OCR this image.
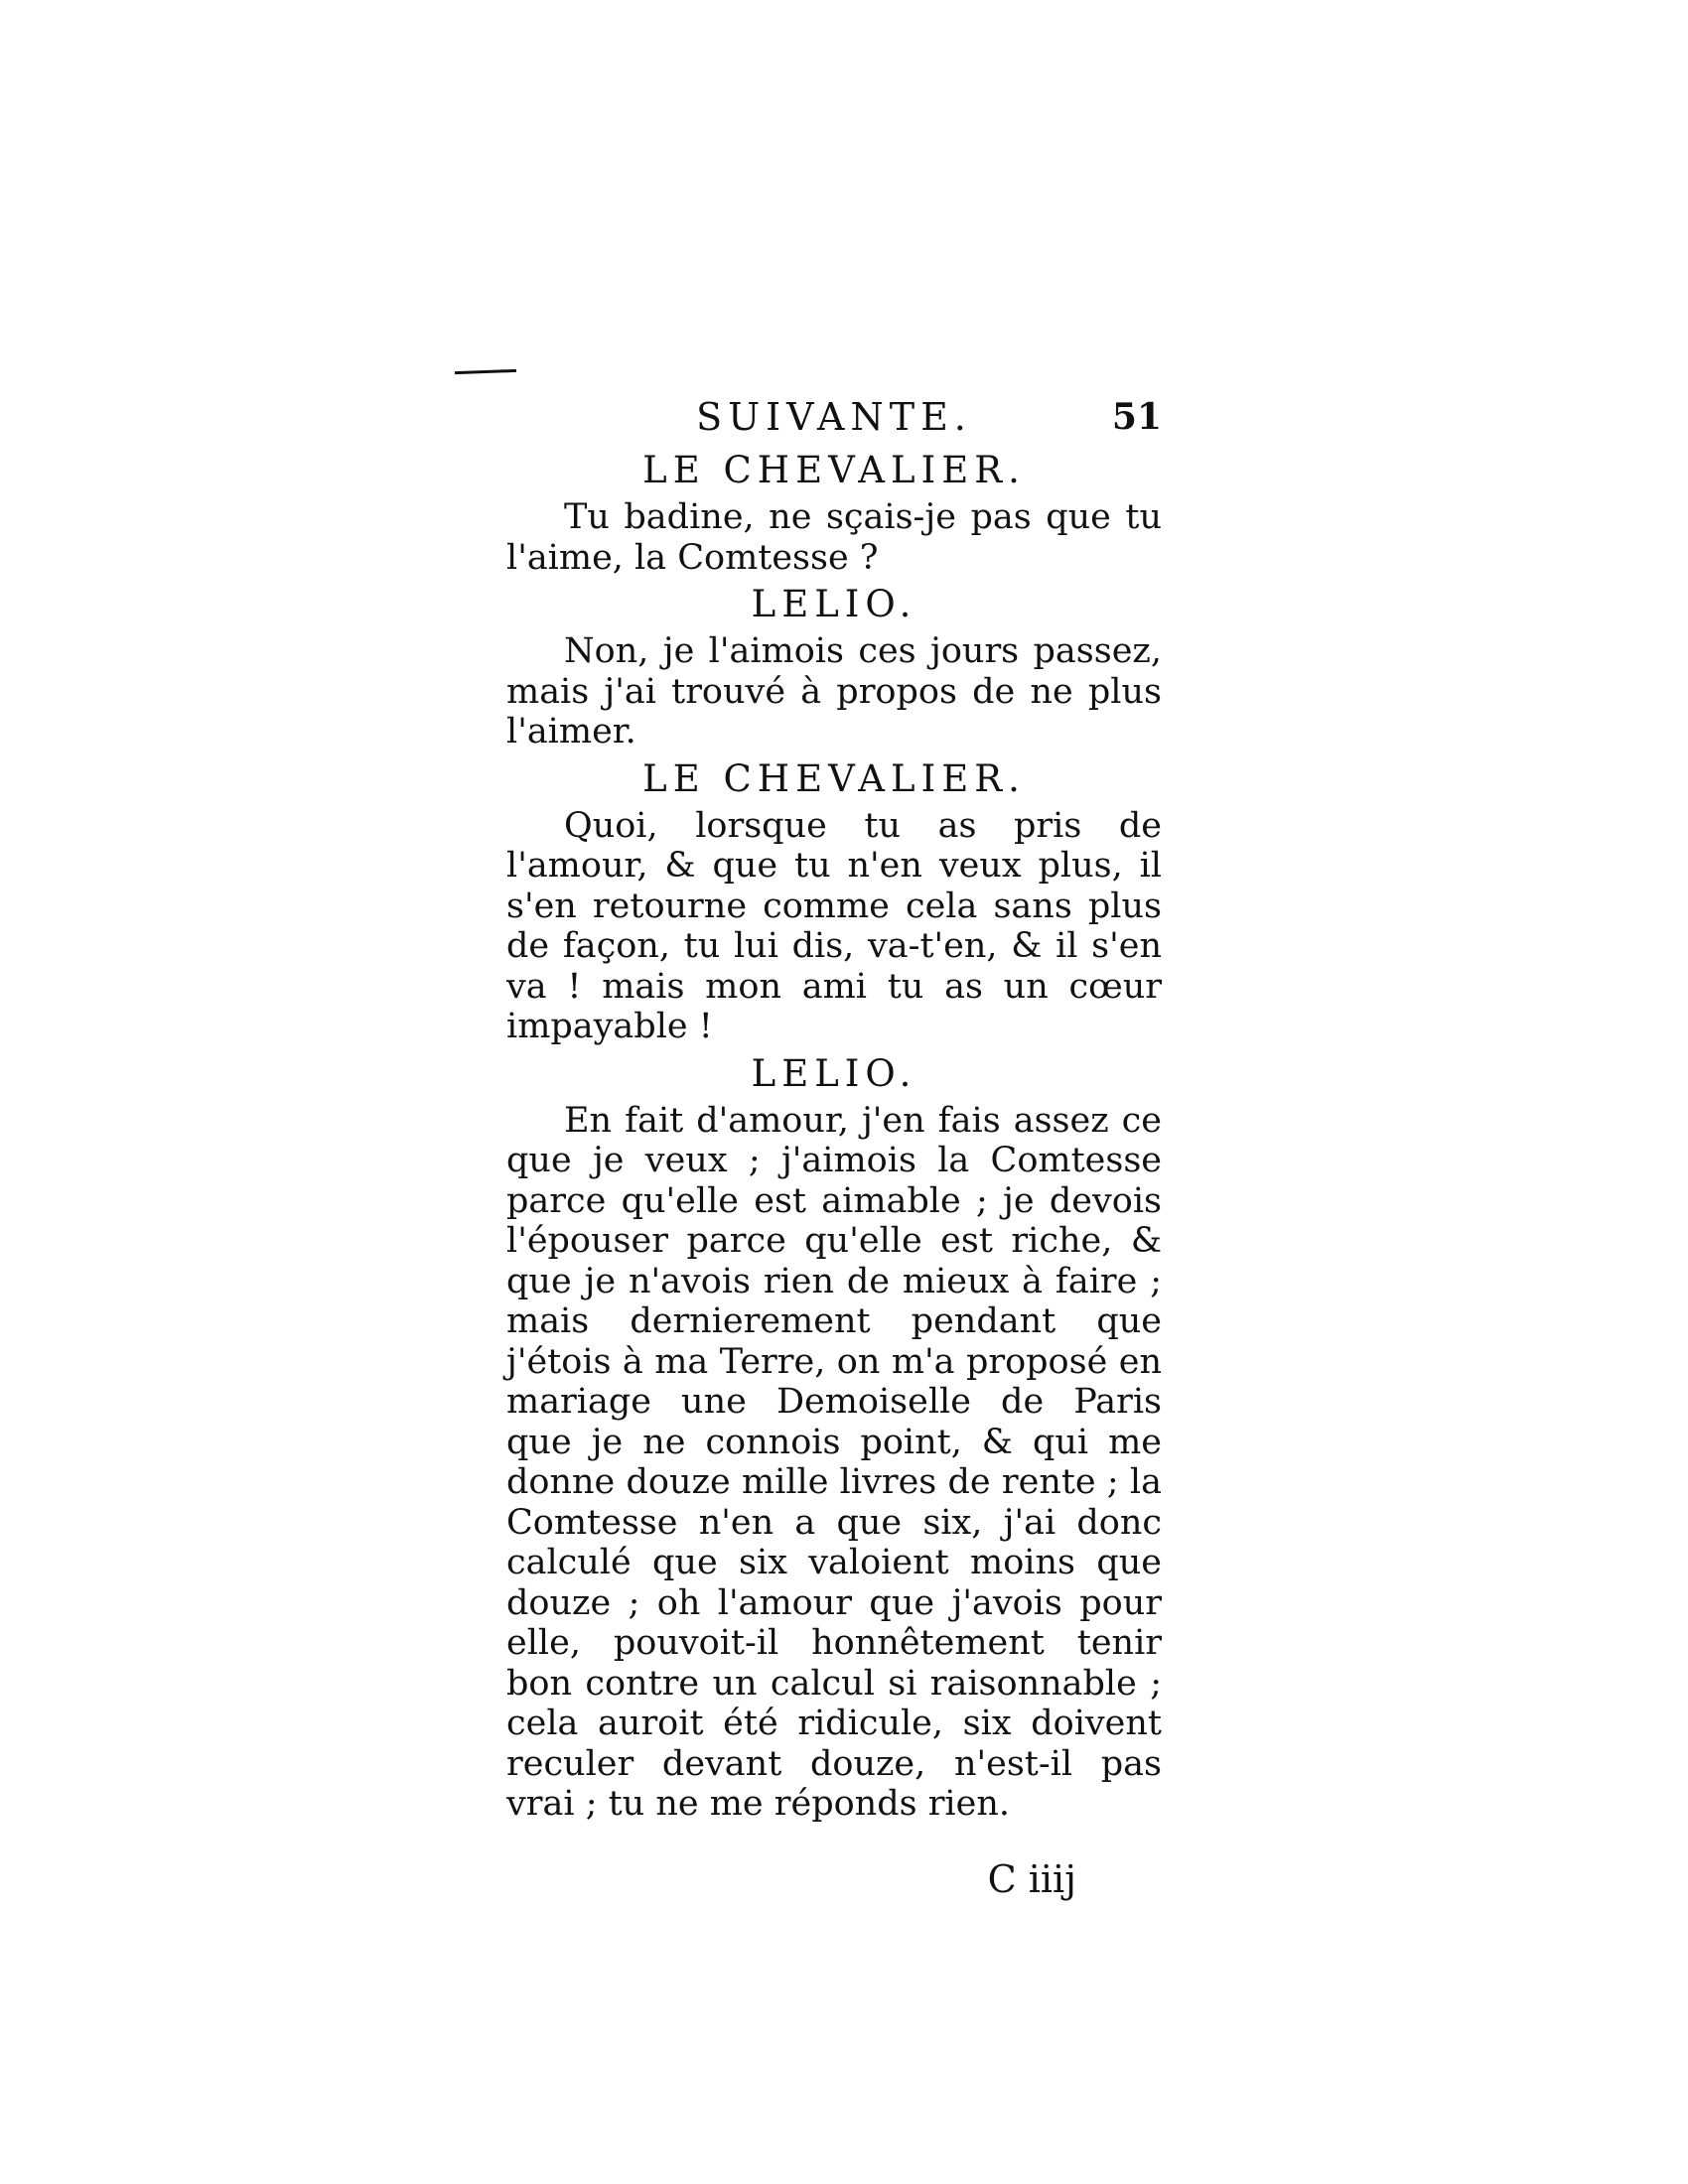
SUIVANTE.	51

LE CHEVALIER.

Tu badine, ne sçais-je pas que tu l'aime, la Comtesse ?

LELIO.

Non, je l'aimois ces jours passez, mais j'ai trouvé à propos de ne plus l'aimer.

LE CHEVALIER.

Quoi, lorsque tu as pris de l'amour, & que tu n'en veux plus, il s'en retourne comme cela sans plus de façon, tu lui dis, va-t'en, & il s'en va ! mais mon ami tu as un cœur impayable !

LELIO.

En fait d'amour, j'en fais assez ce que je veux ; j'aimois la Comtesse parce qu'elle est aimable ; je devois l'épouser parce qu'elle est riche, & que je n'avois rien de mieux à faire ; mais dernierement pendant que j'étois à ma Terre, on m'a proposé en mariage une Demoiselle de Paris que je ne connois point, & qui me donne douze mille livres de rente ; la Comtesse n'en a que six, j'ai donc calculé que six valoient moins que douze ; oh l'amour que j'avois pour elle, pouvoit-il honnêtement tenir bon contre un calcul si raisonnable ; cela auroit été ridicule, six doivent reculer devant douze, n'est-il pas vrai ; tu ne me réponds rien.

C iiij
